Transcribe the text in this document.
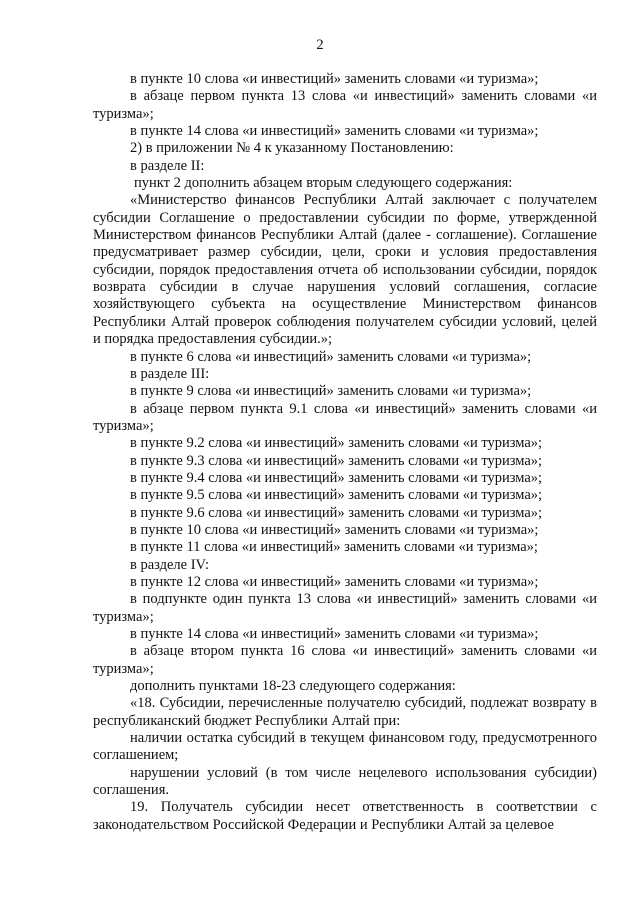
2

в пункте 10 слова «и инвестиций» заменить словами «и туризма»;

в абзаце первом пункта 13 слова «и инвестиций» заменить словами «и туризма»;

в пункте 14 слова «и инвестиций» заменить словами «и туризма»;

2) в приложении № 4 к указанному Постановлению:

в разделе II:

пункт 2 дополнить абзацем вторым следующего содержания:

«Министерство финансов Республики Алтай заключает с получателем субсидии Соглашение о предоставлении субсидии по форме, утвержденной Министерством финансов Республики Алтай (далее - соглашение). Соглашение предусматривает размер субсидии, цели, сроки и условия предоставления субсидии, порядок предоставления отчета об использовании субсидии, порядок возврата субсидии в случае нарушения условий соглашения, согласие хозяйствующего субъекта на осуществление Министерством финансов Республики Алтай проверок соблюдения получателем субсидии условий, целей и порядка предоставления субсидии.»;

в пункте 6 слова «и инвестиций» заменить словами «и туризма»;

в разделе III:

в пункте 9 слова «и инвестиций» заменить словами «и туризма»;

в абзаце первом пункта 9.1 слова «и инвестиций» заменить словами «и туризма»;

в пункте 9.2 слова «и инвестиций» заменить словами «и туризма»;

в пункте 9.3 слова «и инвестиций» заменить словами «и туризма»;

в пункте 9.4 слова «и инвестиций» заменить словами «и туризма»;

в пункте 9.5 слова «и инвестиций» заменить словами «и туризма»;

в пункте 9.6 слова «и инвестиций» заменить словами «и туризма»;

в пункте 10 слова «и инвестиций» заменить словами «и туризма»;

в пункте 11 слова «и инвестиций» заменить словами «и туризма»;

в разделе IV:

в пункте 12 слова «и инвестиций» заменить словами «и туризма»;

в подпункте один пункта 13 слова «и инвестиций» заменить словами «и туризма»;

в пункте 14 слова «и инвестиций» заменить словами «и туризма»;

в абзаце втором пункта 16 слова «и инвестиций» заменить словами «и туризма»;

дополнить пунктами 18-23 следующего содержания:

«18. Субсидии, перечисленные получателю субсидий, подлежат возврату в республиканский бюджет Республики Алтай при:

наличии остатка субсидий в текущем финансовом году, предусмотренного соглашением;

нарушении условий (в том числе нецелевого использования субсидии) соглашения.

19. Получатель субсидии несет ответственность в соответствии с законодательством Российской Федерации и Республики Алтай за целевое
